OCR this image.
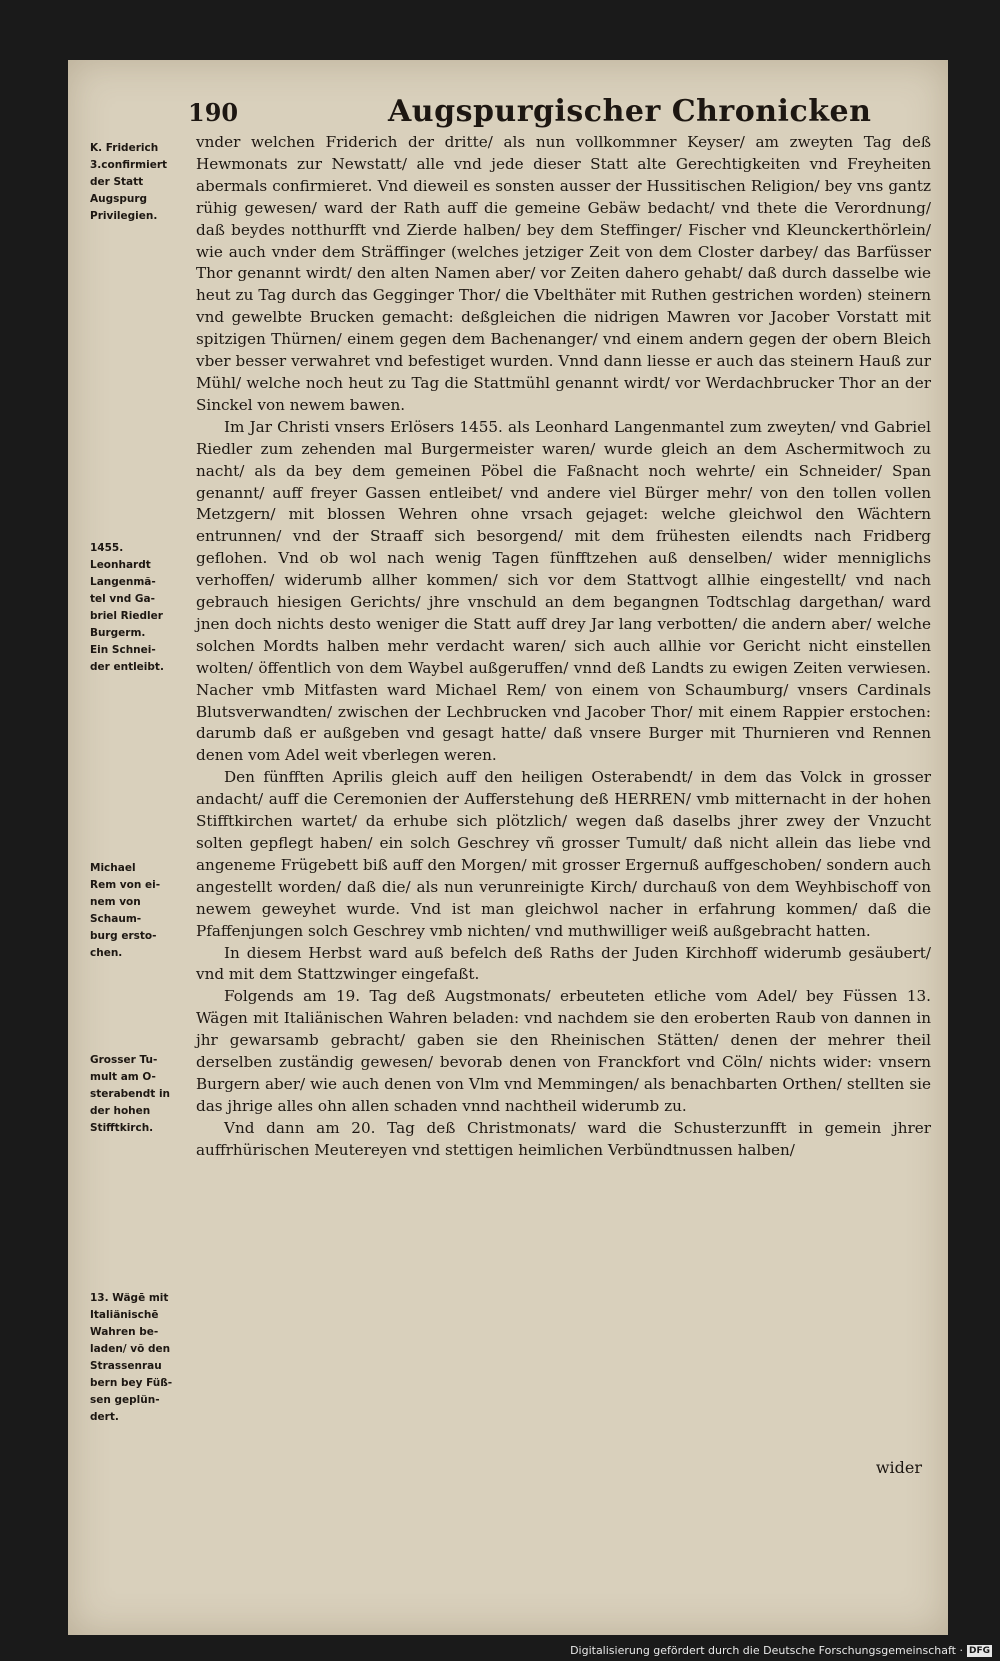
190	Augspurgischer Chronicken
K. Friderich
3.confirmiert
der Statt
Augspurg
Privilegien.
1455.
Leonhardt
Langenmã-
tel vnd Ga-
briel Riedler
Burgerm.
Ein Schnei-
der entleibt.
Michael
Rem von ei-
nem von
Schaum-
burg ersto-
chen.
Grosser Tu-
mult am O-
sterabendt in
der hohen
Stifftkirch.
13. Wägē mit
Italiänischē
Wahren be-
laden/ võ den
Strassenrau
bern bey Füß-
sen geplün-
dert.

vnder welchen Friderich der dritte/ als nun vollkommner Keyser/ am zweyten Tag deß Hewmonats zur Newstatt/ alle vnd jede dieser Statt alte Gerechtigkeiten vnd Freyheiten abermals confirmieret. Vnd dieweil es sonsten ausser der Hussitischen Religion/ bey vns gantz rühig gewesen/ ward der Rath auff die gemeine Gebäw bedacht/ vnd thete die Verordnung/ daß beydes notthurfft vnd Zierde halben/ bey dem Steffinger/ Fischer vnd Kleunckerthörlein/ wie auch vnder dem Sträffinger (welches jetziger Zeit von dem Closter darbey/ das Barfüsser Thor genannt wirdt/ den alten Namen aber/ vor Zeiten dahero gehabt/ daß durch dasselbe wie heut zu Tag durch das Gegginger Thor/ die Vbelthäter mit Ruthen gestrichen worden) steinern vnd gewelbte Brucken gemacht: deßgleichen die nidrigen Mawren vor Jacober Vorstatt mit spitzigen Thürnen/ einem gegen dem Bachenanger/ vnd einem andern gegen der obern Bleich vber besser verwahret vnd befestiget wurden. Vnnd dann liesse er auch das steinern Hauß zur Mühl/ welche noch heut zu Tag die Stattmühl genannt wirdt/ vor Werdachbrucker Thor an der Sinckel von newem bawen.

Im Jar Christi vnsers Erlösers 1455. als Leonhard Langenmantel zum zweyten/ vnd Gabriel Riedler zum zehenden mal Burgermeister waren/ wurde gleich an dem Aschermitwoch zu nacht/ als da bey dem gemeinen Pöbel die Faßnacht noch wehrte/ ein Schneider/ Span genannt/ auff freyer Gassen entleibet/ vnd andere viel Bürger mehr/ von den tollen vollen Metzgern/ mit blossen Wehren ohne vrsach gejaget: welche gleichwol den Wächtern entrunnen/ vnd der Straaff sich besorgend/ mit dem frühesten eilendts nach Fridberg geflohen. Vnd ob wol nach wenig Tagen fünfftzehen auß denselben/ wider menniglichs verhoffen/ widerumb allher kommen/ sich vor dem Stattvogt allhie eingestellt/ vnd nach gebrauch hiesigen Gerichts/ jhre vnschuld an dem begangnen Todtschlag dargethan/ ward jnen doch nichts desto weniger die Statt auff drey Jar lang verbotten/ die andern aber/ welche solchen Mordts halben mehr verdacht waren/ sich auch allhie vor Gericht nicht einstellen wolten/ öffentlich von dem Waybel außgeruffen/ vnnd deß Landts zu ewigen Zeiten verwiesen. Nacher vmb Mitfasten ward Michael Rem/ von einem von Schaumburg/ vnsers Cardinals Blutsverwandten/ zwischen der Lechbrucken vnd Jacober Thor/ mit einem Rappier erstochen: darumb daß er außgeben vnd gesagt hatte/ daß vnsere Burger mit Thurnieren vnd Rennen denen vom Adel weit vberlegen weren.

Den fünfften Aprilis gleich auff den heiligen Osterabendt/ in dem das Volck in grosser andacht/ auff die Ceremonien der Aufferstehung deß HERREN/ vmb mitternacht in der hohen Stifftkirchen wartet/ da erhube sich plötzlich/ wegen daß daselbs jhrer zwey der Vnzucht solten gepflegt haben/ ein solch Geschrey vñ grosser Tumult/ daß nicht allein das liebe vnd angeneme Frügebett biß auff den Morgen/ mit grosser Ergernuß auffgeschoben/ sondern auch angestellt worden/ daß die/ als nun verunreinigte Kirch/ durchauß von dem Weyhbischoff von newem geweyhet wurde. Vnd ist man gleichwol nacher in erfahrung kommen/ daß die Pfaffenjungen solch Geschrey vmb nichten/ vnd muthwilliger weiß außgebracht hatten.

In diesem Herbst ward auß befelch deß Raths der Juden Kirchhoff widerumb gesäubert/ vnd mit dem Stattzwinger eingefaßt.

Folgends am 19. Tag deß Augstmonats/ erbeuteten etliche vom Adel/ bey Füssen 13. Wägen mit Italiänischen Wahren beladen: vnd nachdem sie den eroberten Raub von dannen in jhr gewarsamb gebracht/ gaben sie den Rheinischen Stätten/ denen der mehrer theil derselben zuständig gewesen/ bevorab denen von Franckfort vnd Cöln/ nichts wider: vnsern Burgern aber/ wie auch denen von Vlm vnd Memmingen/ als benachbarten Orthen/ stellten sie das jhrige alles ohn allen schaden vnnd nachtheil widerumb zu.

Vnd dann am 20. Tag deß Christmonats/ ward die Schusterzunfft in gemein jhrer auffrhürischen Meutereyen vnd stettigen heimlichen Verbündtnussen halben/

wider
Digitalisierung gefördert durch die Deutsche Forschungsgemeinschaft · DFG
